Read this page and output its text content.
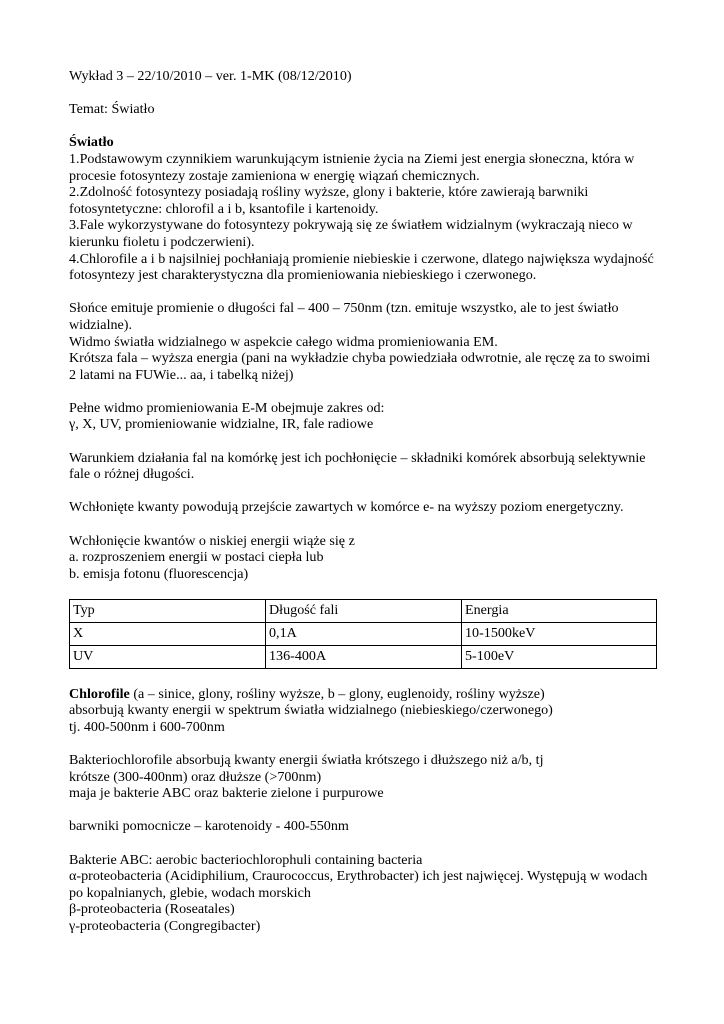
Wykład 3 – 22/10/2010 – ver. 1-MK (08/12/2010)

Temat: Światło

Światło

1.Podstawowym czynnikiem warunkującym istnienie życia na Ziemi jest energia słoneczna, która w procesie fotosyntezy zostaje zamieniona w energię wiązań chemicznych.

2.Zdolność fotosyntezy posiadają rośliny wyższe, glony i bakterie, które zawierają barwniki fotosyntetyczne: chlorofil a i b, ksantofile i kartenoidy.

3.Fale wykorzystywane do fotosyntezy pokrywają się ze światłem widzialnym (wykraczają nieco w kierunku fioletu i podczerwieni).

4.Chlorofile a i b najsilniej pochłaniają promienie niebieskie i czerwone, dlatego największa wydajność fotosyntezy jest charakterystyczna dla promieniowania niebieskiego i czerwonego.

Słońce emituje promienie o długości fal – 400 – 750nm (tzn. emituje wszystko, ale to jest światło widzialne).

Widmo światła widzialnego w aspekcie całego widma promieniowania EM.

Krótsza fala – wyższa energia (pani na wykładzie chyba powiedziała odwrotnie, ale ręczę za to swoimi 2 latami na FUWie... aa, i tabelką niżej)

Pełne widmo promieniowania E-M obejmuje zakres od:

γ, X, UV, promieniowanie widzialne, IR, fale radiowe

Warunkiem działania fal na komórkę jest ich pochłonięcie – składniki komórek absorbują selektywnie fale o różnej długości.

Wchłonięte kwanty powodują przejście zawartych w komórce e- na wyższy poziom energetyczny.

Wchłonięcie kwantów o niskiej energii wiąże się z

a. rozproszeniem energii w postaci ciepła lub

b. emisja fotonu (fluorescencja)

Typ	Długość fali	Energia
X	0,1A	10-1500keV
UV	136-400A	5-100eV

Chlorofile (a – sinice, glony, rośliny wyższe, b – glony, euglenoidy, rośliny wyższe)

absorbują kwanty energii w spektrum światła widzialnego (niebieskiego/czerwonego)

tj. 400-500nm i 600-700nm

Bakteriochlorofile absorbują kwanty energii światła krótszego i dłuższego niż a/b, tj

krótsze (300-400nm) oraz dłuższe (>700nm)

maja je bakterie ABC oraz bakterie zielone i purpurowe

barwniki pomocnicze – karotenoidy - 400-550nm

Bakterie ABC: aerobic bacteriochlorophuli containing bacteria

α-proteobacteria (Acidiphilium, Craurococcus, Erythrobacter) ich jest najwięcej. Występują w wodach po kopalnianych, glebie, wodach morskich

β-proteobacteria (Roseatales)

γ-proteobacteria (Congregibacter)
